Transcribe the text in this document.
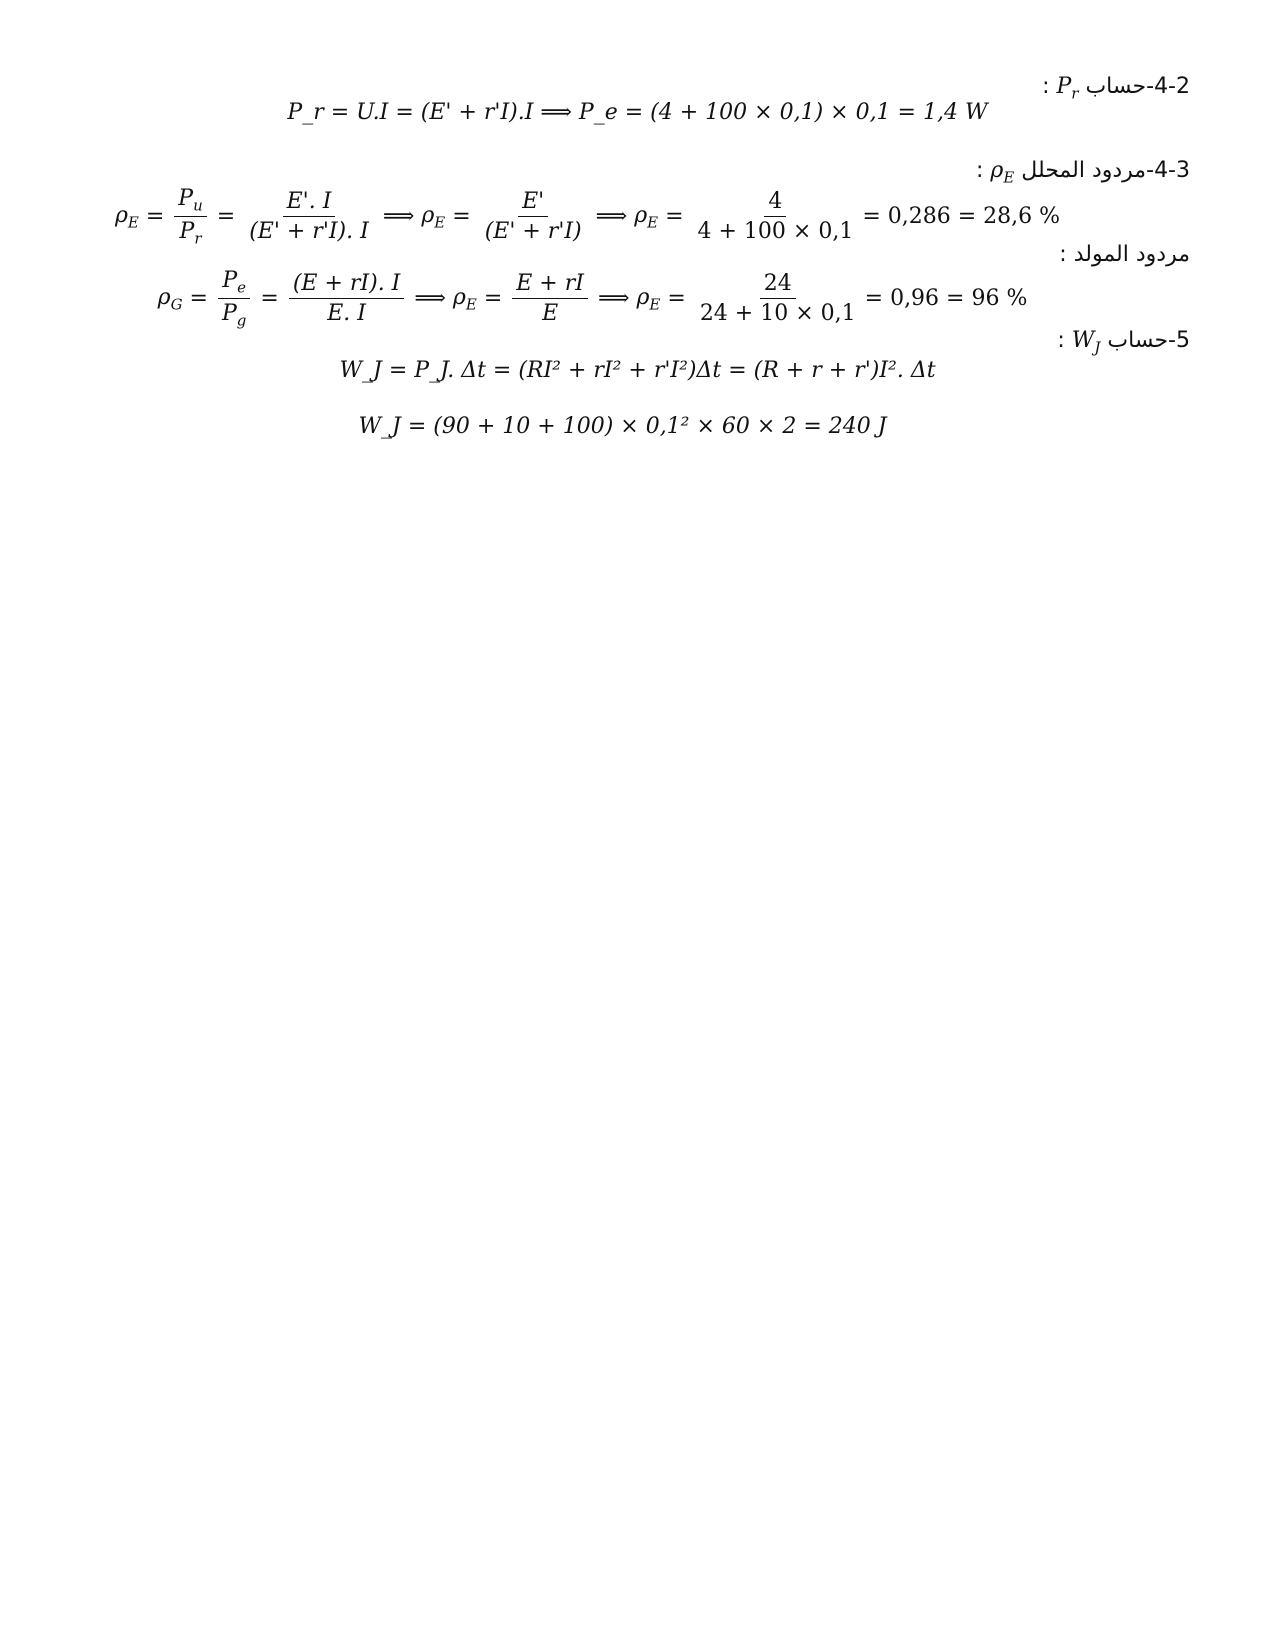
4-2-حساب $P_r$ :
P_r = U.I = (E' + r'I).I ⟹ P_e = (4 + 100 × 0,1) × 0,1 = 1,4 W
4-3-مردود المحلل $\rho_E$ :
$\rho_E = \frac{P_u}{P_r} = \frac{E'. I}{(E' + r'I). I}$ ⟹ $\rho_E = \frac{E'}{(E' + r'I)}$ ⟹ $\rho_E = \frac{4}{4 + 100 \times 0,1} = 0,286 = 28,6$ %
مردود المولد :
$\rho_G = \frac{P_e}{P_g} = \frac{(E + rI). I}{E. I}$ ⟹ $\rho_E = \frac{E + rI}{E}$ ⟹ $\rho_E = \frac{24}{24 + 10 \times 0,1} = 0,96 = 96$ %
5-حساب $W_J$ :
W_J = P_J. Δt = (RI² + rI² + r'I²)Δt = (R + r + r')I². Δt
W_J = (90 + 10 + 100) × 0,1² × 60 × 2 = 240 J
